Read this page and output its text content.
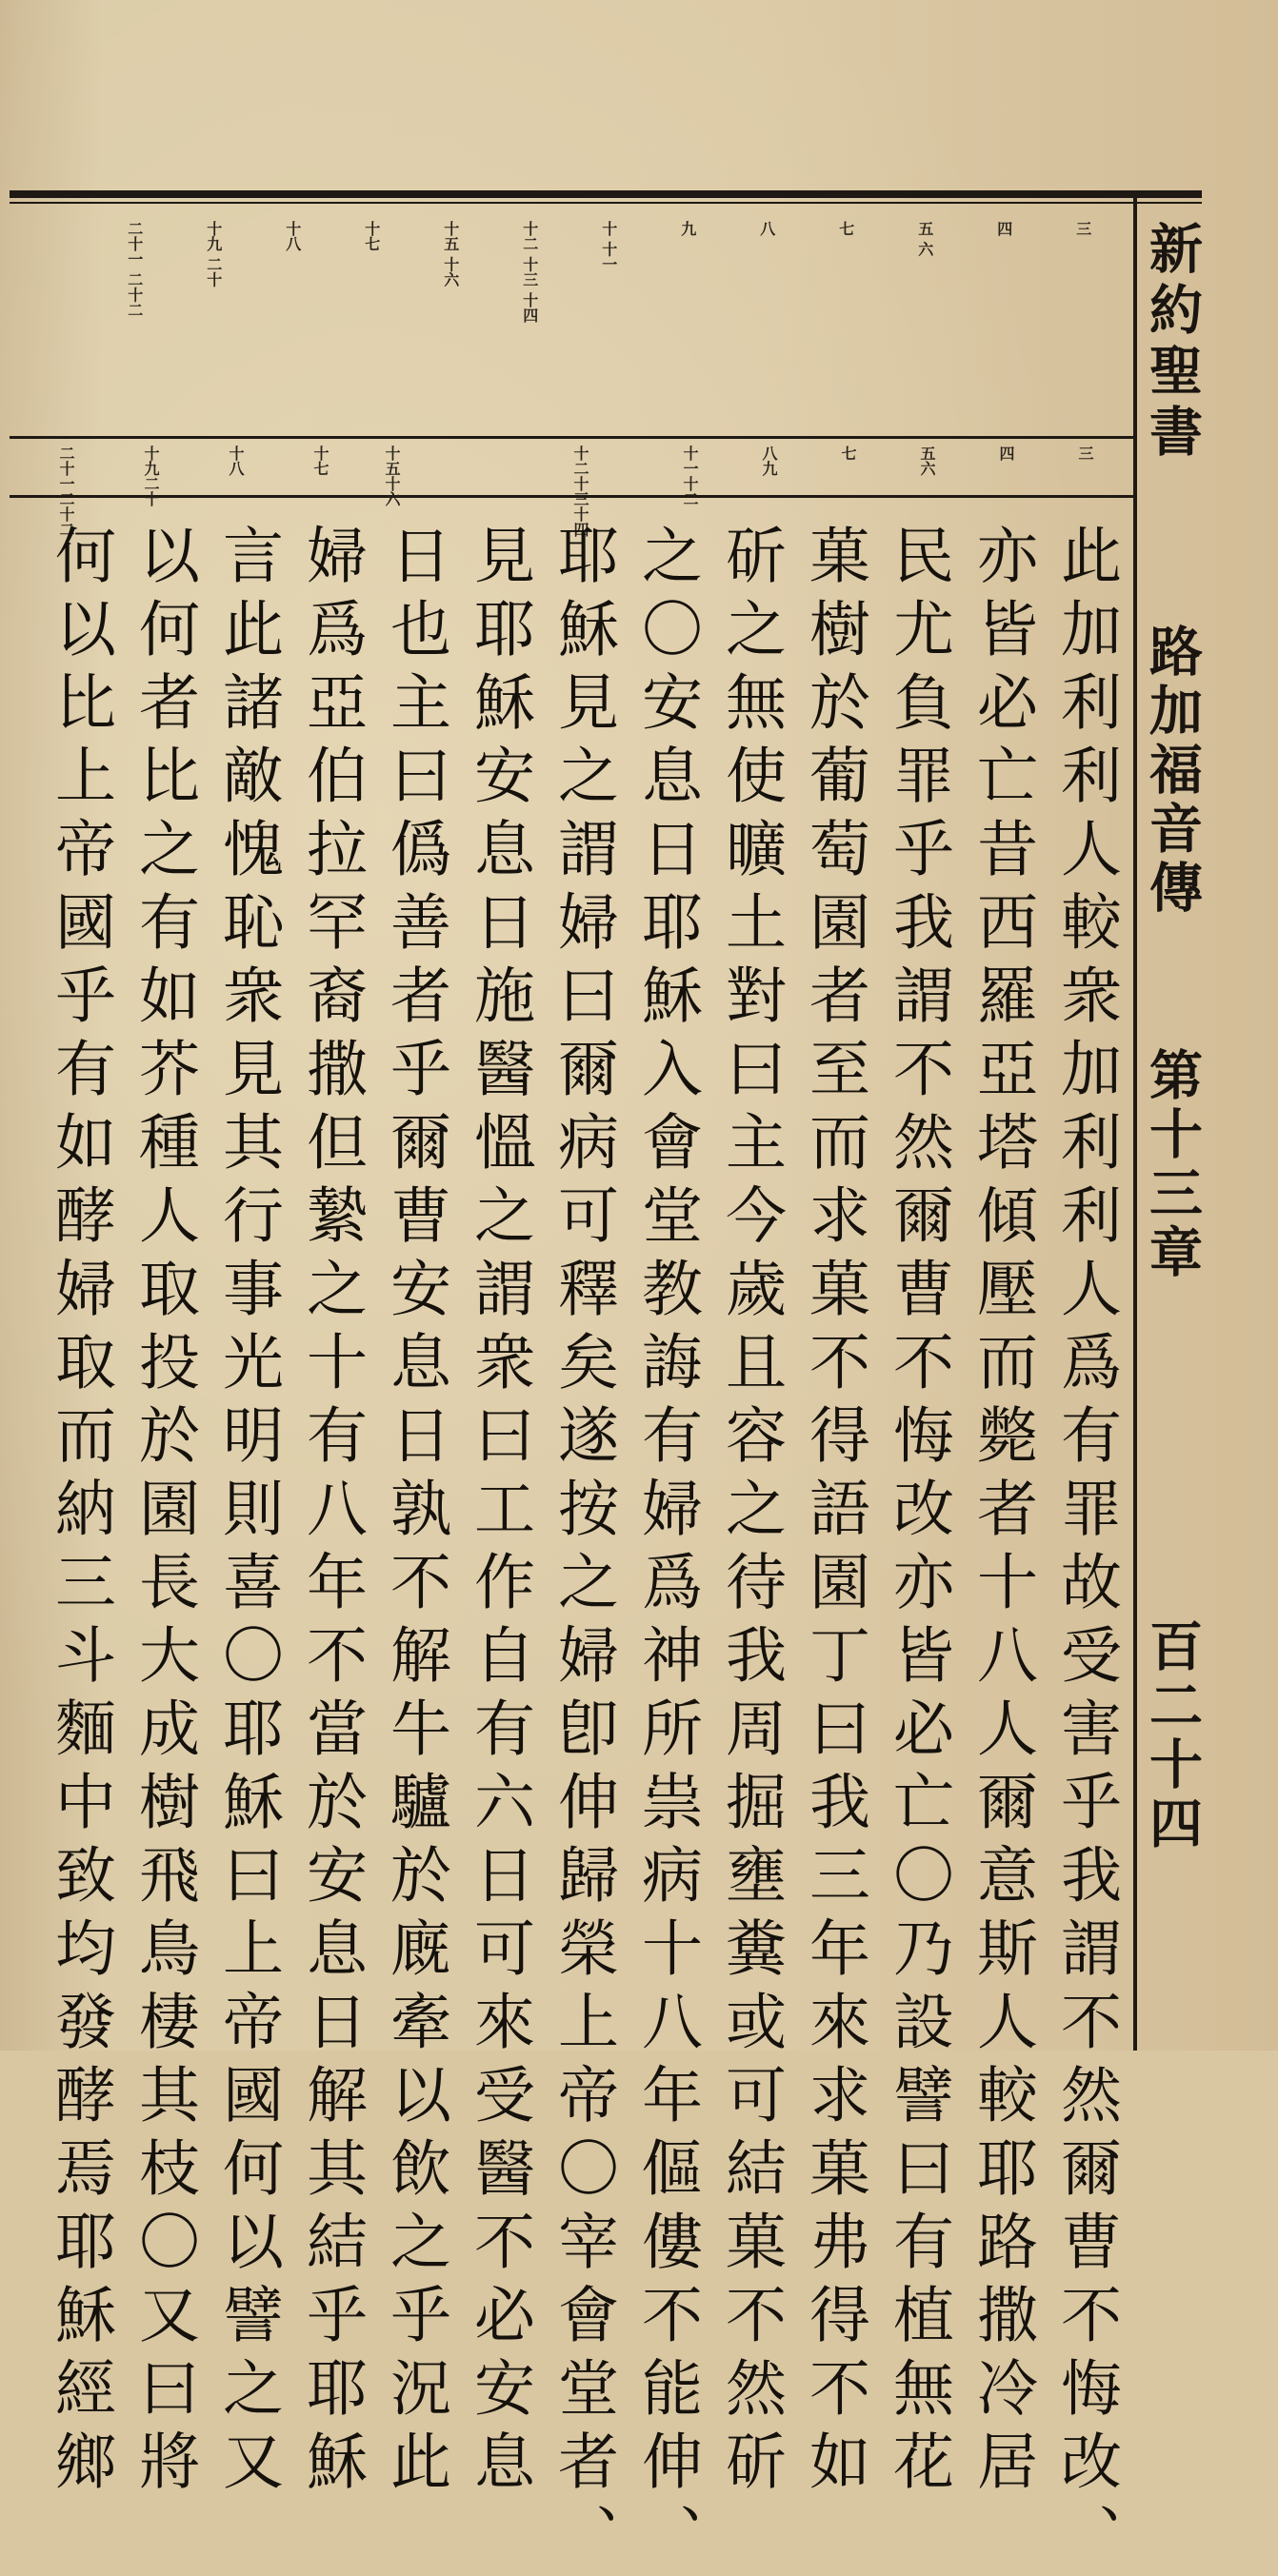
新約聖書
路加福音傳
第十三章
百二十四
三
四
五 六
七
八
九
十 十一
十二 十三 十四
十五 十六
十七
十八
十九 二十
二十一 二十二
三
四
五六
七
八九
十一十二
十二十三十四
十五十六
十七
十八
十九二十
二十一二十二
此加利利人較衆加利利人爲有罪故受害乎我謂不然爾曹不悔改、
亦皆必亡昔西羅亞塔傾壓而斃者十八人爾意斯人較耶路撒冷居
民尤負罪乎我謂不然爾曹不悔改亦皆必亡〇乃設譬曰有植無花
菓樹於葡萄園者至而求菓不得語園丁曰我三年來求菓弗得不如
斫之無使曠土對曰主今歲且容之待我周掘壅糞或可結菓不然斫
之〇安息日耶穌入會堂教誨有婦爲神所祟病十八年傴僂不能伸、
耶穌見之謂婦曰爾病可釋矣遂按之婦卽伸歸榮上帝〇宰會堂者、
見耶穌安息日施醫慍之謂衆曰工作自有六日可來受醫不必安息
日也主曰僞善者乎爾曹安息日孰不解牛驢於廐牽以飲之乎況此
婦爲亞伯拉罕裔撒但縶之十有八年不當於安息日解其結乎耶穌
言此諸敵愧恥衆見其行事光明則喜〇耶穌曰上帝國何以譬之又
以何者比之有如芥種人取投於園長大成樹飛鳥棲其枝〇又曰將
何以比上帝國乎有如酵婦取而納三斗麵中致均發酵焉耶穌經鄉
